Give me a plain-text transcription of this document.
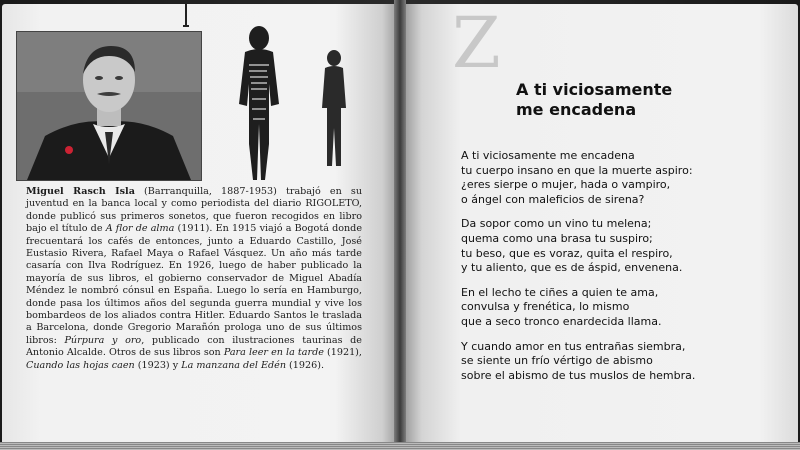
Miguel Rasch Isla (Barranquilla, 1887-1953) trabajó en su juventud en la banca local y como periodista del diario RIGOLETO, donde publicó sus primeros sonetos, que fueron recogidos en libro bajo el título de A flor de alma (1911). En 1915 viajó a Bogotá donde frecuentará los cafés de entonces, junto a Eduardo Castillo, José Eustasio Rivera, Rafael Maya o Rafael Vásquez. Un año más tarde casaría con Ilva Rodríguez. En 1926, luego de haber publicado la mayoría de sus libros, el gobierno conservador de Miguel Abadía Méndez le nombró cónsul en España. Luego lo sería en Hamburgo, donde pasa los últimos años del segunda guerra mundial y vive los bombardeos de los aliados contra Hitler. Eduardo Santos le traslada a Barcelona, donde Gregorio Marañón prologa uno de sus últimos libros: Púrpura y oro, publicado con ilustraciones taurinas de Antonio Alcalde. Otros de sus libros son Para leer en la tarde (1921), Cuando las hojas caen (1923) y La manzana del Edén (1926).
Z
A ti viciosamente
me encadena
A ti viciosamente me encadena
tu cuerpo insano en que la muerte aspiro:
¿eres sierpe o mujer, hada o vampiro,
o ángel con maleficios de sirena?
Da sopor como un vino tu melena;
quema como una brasa tu suspiro;
tu beso, que es voraz, quita el respiro,
y tu aliento, que es de áspid, envenena.
En el lecho te ciñes a quien te ama,
convulsa y frenética, lo mismo
que a seco tronco enardecida llama.
Y cuando amor en tus entrañas siembra,
se siente un frío vértigo de abismo
sobre el abismo de tus muslos de hembra.
